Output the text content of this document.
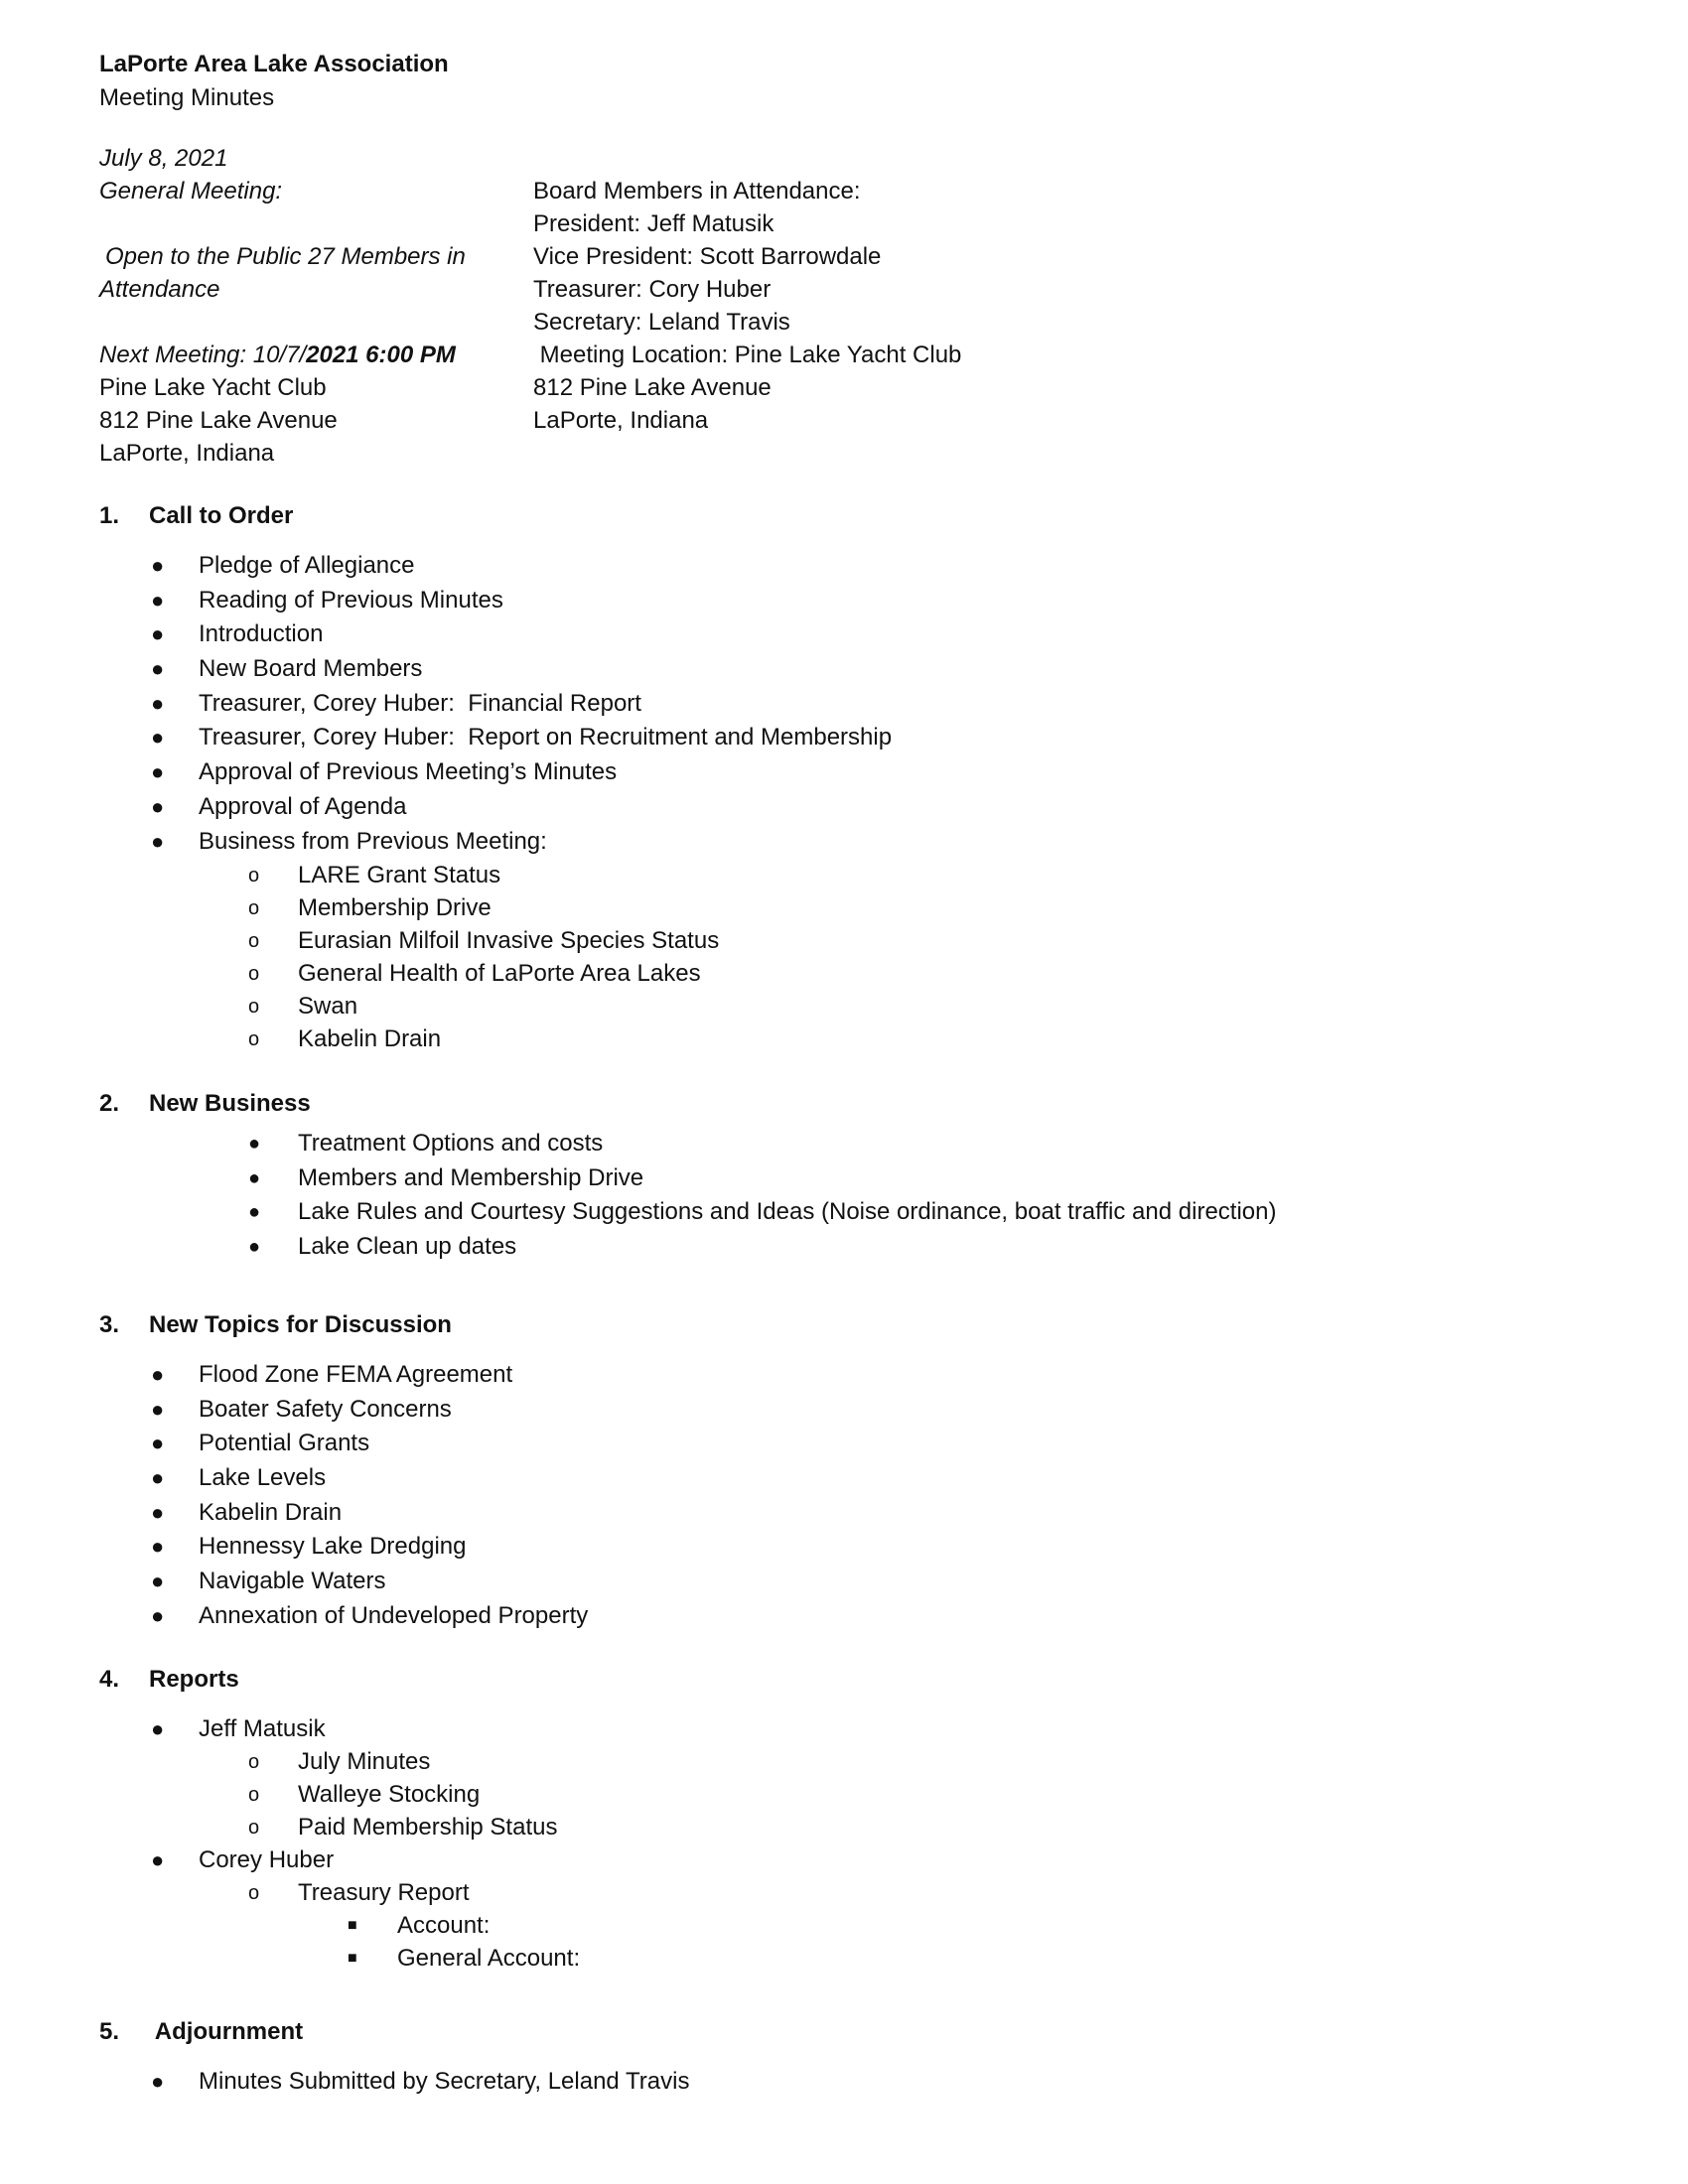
LaPorte Area Lake Association
Meeting Minutes
July 8, 2021
General Meeting:
Open to the Public 27 Members in
Attendance
Next Meeting: 10/7/2021 6:00 PM
Pine Lake Yacht Club
812 Pine Lake Avenue
LaPorte, Indiana
Board Members in Attendance:
President: Jeff Matusik
Vice President: Scott Barrowdale
Treasurer: Cory Huber
Secretary: Leland Travis
Meeting Location: Pine Lake Yacht Club
812 Pine Lake Avenue
LaPorte, Indiana
1.	Call to Order
● Pledge of Allegiance
● Reading of Previous Minutes
● Introduction
● New Board Members
● Treasurer, Corey Huber:  Financial Report
● Treasurer, Corey Huber:  Report on Recruitment and Membership
● Approval of Previous Meeting’s Minutes
● Approval of Agenda
● Business from Previous Meeting:
o LARE Grant Status
o Membership Drive
o Eurasian Milfoil Invasive Species Status
o General Health of LaPorte Area Lakes
o Swan
o Kabelin Drain
2.	New Business
● Treatment Options and costs
● Members and Membership Drive
● Lake Rules and Courtesy Suggestions and Ideas (Noise ordinance, boat traffic and direction)
● Lake Clean up dates
3.	New Topics for Discussion
● Flood Zone FEMA Agreement
● Boater Safety Concerns
● Potential Grants
● Lake Levels
● Kabelin Drain
● Hennessy Lake Dredging
● Navigable Waters
● Annexation of Undeveloped Property
4.	Reports
● Jeff Matusik
o July Minutes
o Walleye Stocking
o Paid Membership Status
● Corey Huber
o Treasury Report
■ Account:
■ General Account:
5.	Adjournment
● Minutes Submitted by Secretary, Leland Travis
